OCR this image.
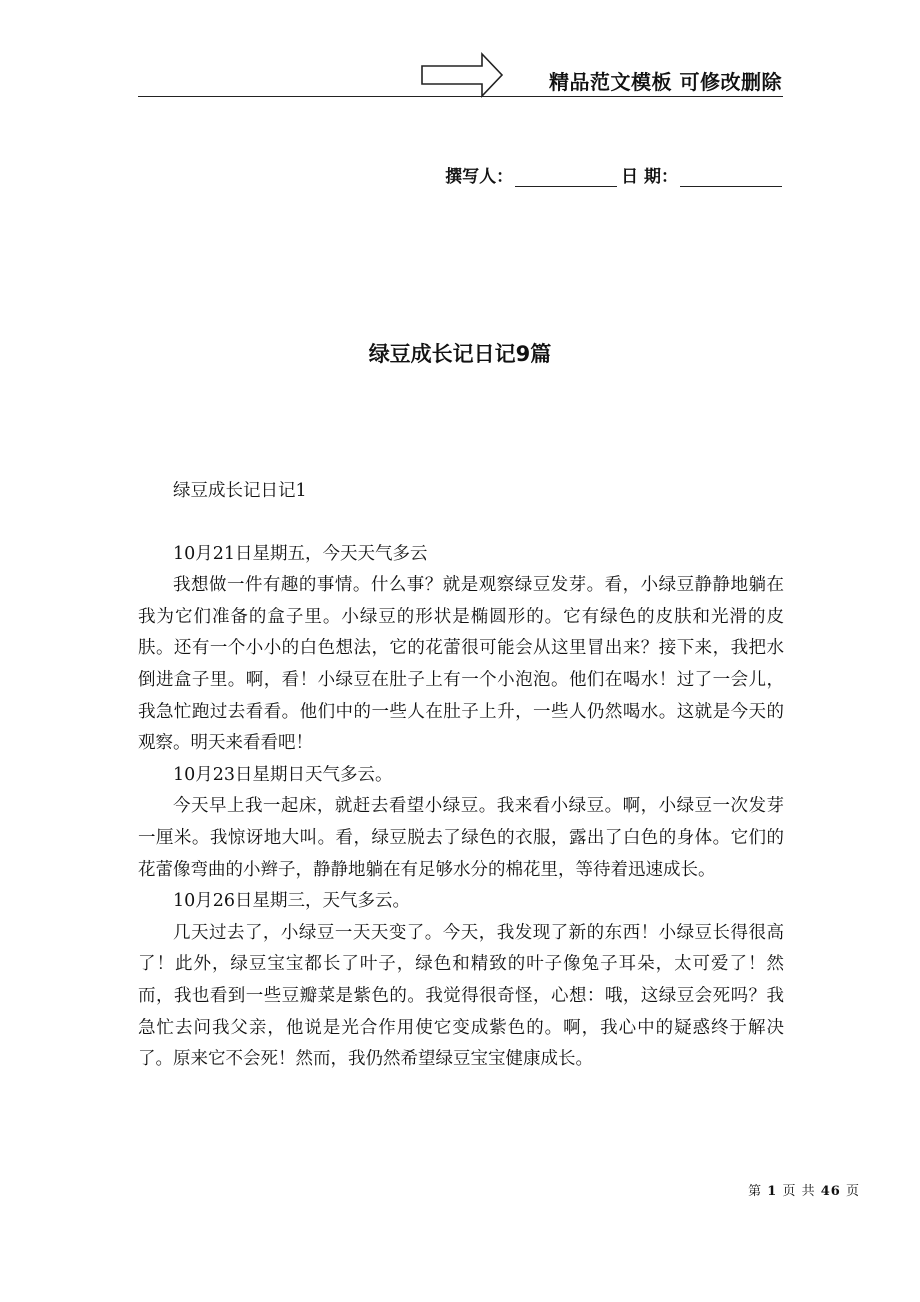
精品范文模板 可修改删除
撰写人：	日 期：
绿豆成长记日记9篇

绿豆成长记日记1

10月21日星期五，今天天气多云

我想做一件有趣的事情。什么事？就是观察绿豆发芽。看，小绿豆静静地躺在我为它们准备的盒子里。小绿豆的形状是椭圆形的。它有绿色的皮肤和光滑的皮肤。还有一个小小的白色想法，它的花蕾很可能会从这里冒出来？接下来，我把水倒进盒子里。啊，看！小绿豆在肚子上有一个小泡泡。他们在喝水！过了一会儿，我急忙跑过去看看。他们中的一些人在肚子上升，一些人仍然喝水。这就是今天的观察。明天来看看吧！

10月23日星期日天气多云。

今天早上我一起床，就赶去看望小绿豆。我来看小绿豆。啊，小绿豆一次发芽一厘米。我惊讶地大叫。看，绿豆脱去了绿色的衣服，露出了白色的身体。它们的花蕾像弯曲的小辫子，静静地躺在有足够水分的棉花里，等待着迅速成长。

10月26日星期三，天气多云。

几天过去了，小绿豆一天天变了。今天，我发现了新的东西！小绿豆长得很高了！此外，绿豆宝宝都长了叶子，绿色和精致的叶子像兔子耳朵，太可爱了！然而，我也看到一些豆瓣菜是紫色的。我觉得很奇怪，心想：哦，这绿豆会死吗？我急忙去问我父亲，他说是光合作用使它变成紫色的。啊，我心中的疑惑终于解决了。原来它不会死！然而，我仍然希望绿豆宝宝健康成长。

第 1 页 共 46 页
